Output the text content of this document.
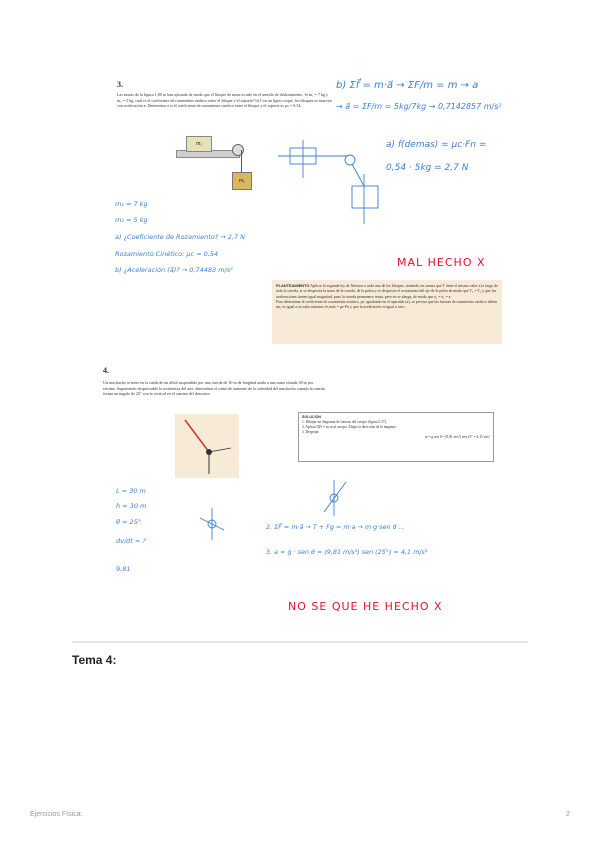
3.
Las masas de la figura 1,00 se han ajustado de modo que el bloque de masa m sale en el sentido de deslizamiento. Si m₁ = 7 kg y m₂ = 5 kg, cuál es el coeficiente de rozamiento estático entre el bloque y el soporte? b) Con un ligero toque, los bloques se mueven con aceleración a. Determinar a si el coeficiente de rozamiento cinético entre el bloque y el soporte es μc = 0,54.
m₁
m₂
b) Σf⃗ = m·a⃗ → ΣF/m = m → a
→ a⃗ = ΣF/m = 5kg/7kg → 0,7142857 m/s²
a) f(demas) = μc·Fn =
0,54 · 5kg = 2,7 N
m₁ = 7 kg
m₂ = 5 kg
a) ¿Coeficiente de Rozamiento? → 2,7 N
Rozamiento Cinético: μc = 0,54
b) ¿Aceleración (a⃗)? → 0,74483 m/s²
MAL HECHO X
PLANTEAMIENTO Aplicar la segunda ley de Newton a cada uno de los bloques, teniendo en cuenta que T tiene el mismo valor a lo largo de toda la cuerda, si se desprecia la masa de la cuerda, de la polea y se desprecia el rozamiento del eje de la polea de modo que T₁ = T₂ y que los aceleraciones tienen igual magnitud, pues la cuerda permanece tensa, pero no se alarga, de modo que a₁ = a₂ = a.
Para determinar el coeficiente de rozamiento estático, μe, igualando en el apartado (a), se precisa que las fuerzas de rozamiento estático deben ser, es igual a su valor máximo fe,máx = μe·Fn y que la aceleración es igual a cero.
4.
Un muchacho se mete en la rueda de un árbol suspendido por una cuerda de 30 m de longitud atada a una rama situada 30 m por encima. Suponiendo despreciable la resistencia del aire, determinar el ritmo de aumento de la celeridad del muchacho cuando la cuerda forma un ángulo de 25° con la vertical en el camino del descenso.
SOLUCIÓN
1. Dibujar un diagrama de fuerzas del cuerpo (figura 5.37).
2. Aplicar ΣFt = m·at al cuerpo. Elegir la dirección de la tangente.
3. Despejar:
at = g sen θ = (9,81 m/s²) sen 25° = 4,15 m/s²
L = 30 m
h = 30 m
θ = 25°
dv/dt = ?
9,81
2. ΣF⃗ = m·a⃗ → T + Fg = m·a → m·g·sen θ ...
3. a = g · sen θ = (9,81 m/s²) sen (25°) = 4,1 m/s²
NO SE QUE HE HECHO X
Tema 4:
Ejercicios Física:	2
